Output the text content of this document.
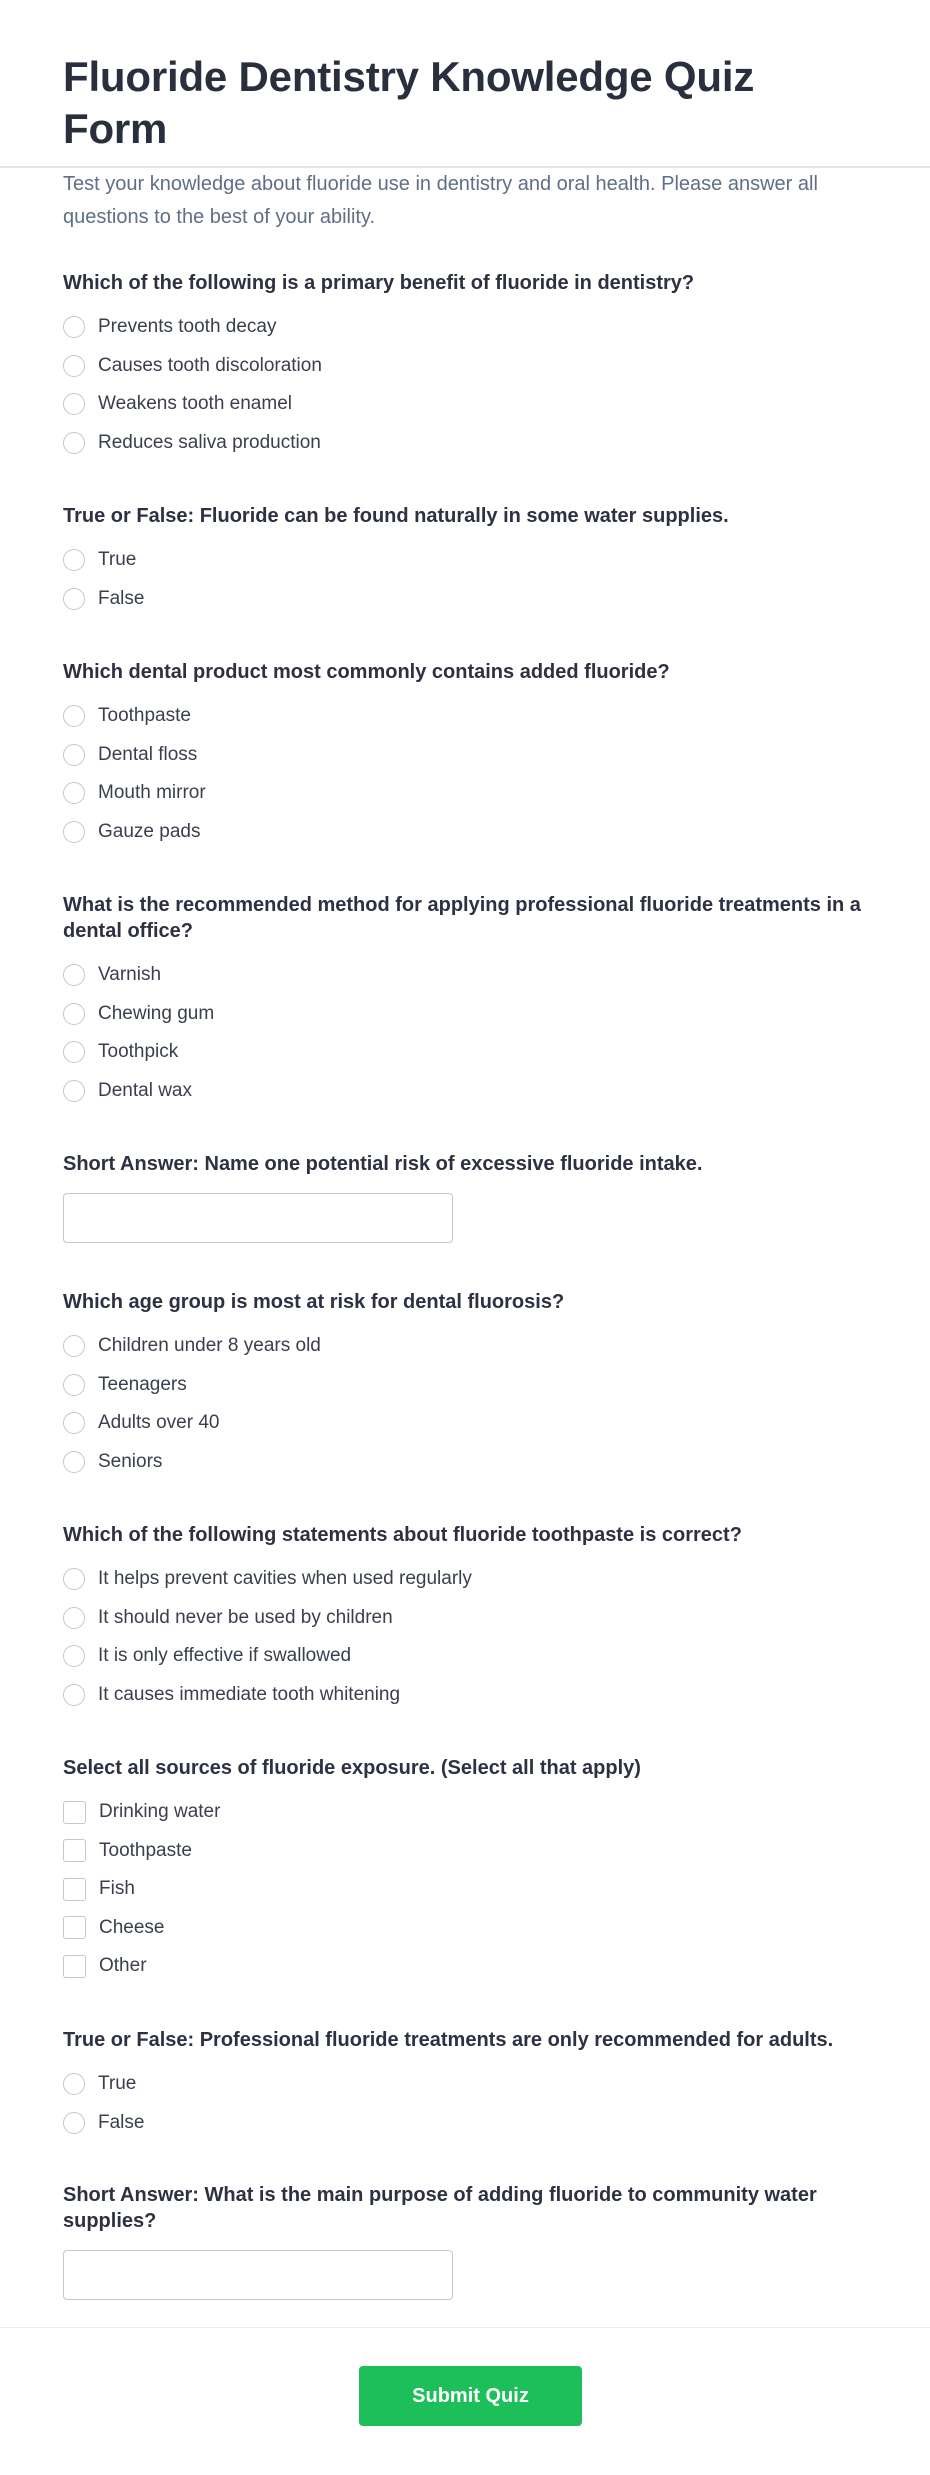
Fluoride Dentistry Knowledge Quiz Form

Test your knowledge about fluoride use in dentistry and oral health. Please answer all questions to the best of your ability.

Which of the following is a primary benefit of fluoride in dentistry?

Prevents tooth decay
Causes tooth discoloration
Weakens tooth enamel
Reduces saliva production

True or False: Fluoride can be found naturally in some water supplies.

True
False

Which dental product most commonly contains added fluoride?

Toothpaste
Dental floss
Mouth mirror
Gauze pads

What is the recommended method for applying professional fluoride treatments in a dental office?

Varnish
Chewing gum
Toothpick
Dental wax

Short Answer: Name one potential risk of excessive fluoride intake.

Which age group is most at risk for dental fluorosis?

Children under 8 years old
Teenagers
Adults over 40
Seniors

Which of the following statements about fluoride toothpaste is correct?

It helps prevent cavities when used regularly
It should never be used by children
It is only effective if swallowed
It causes immediate tooth whitening

Select all sources of fluoride exposure. (Select all that apply)

Drinking water
Toothpaste
Fish
Cheese
Other

True or False: Professional fluoride treatments are only recommended for adults.

True
False

Short Answer: What is the main purpose of adding fluoride to community water supplies?

Submit Quiz
